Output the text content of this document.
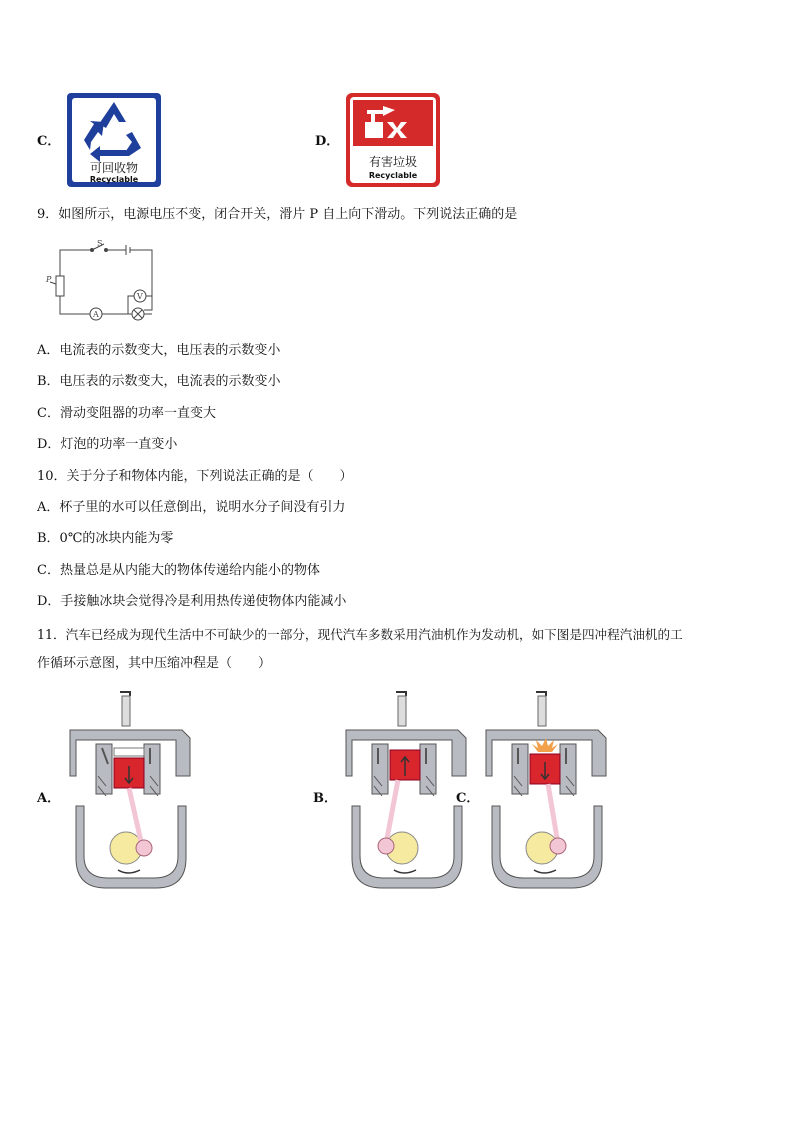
C．
可回收物
Recyclable
D．
有害垃圾
Recyclable
9．如图所示，电源电压不变，闭合开关，滑片 P 自上向下滑动。下列说法正确的是
S
P
A
V
A．电流表的示数变大，电压表的示数变小
B．电压表的示数变大，电流表的示数变小
C．滑动变阻器的功率一直变大
D．灯泡的功率一直变小
10．关于分子和物体内能，下列说法正确的是（　　）
A．杯子里的水可以任意倒出，说明水分子间没有引力
B．0℃的冰块内能为零
C．热量总是从内能大的物体传递给内能小的物体
D．手接触冰块会觉得冷是利用热传递使物体内能减小
11．汽车已经成为现代生活中不可缺少的一部分，现代汽车多数采用汽油机作为发动机，如下图是四冲程汽油机的工
作循环示意图，其中压缩冲程是（　　）
A．	B．	C．
